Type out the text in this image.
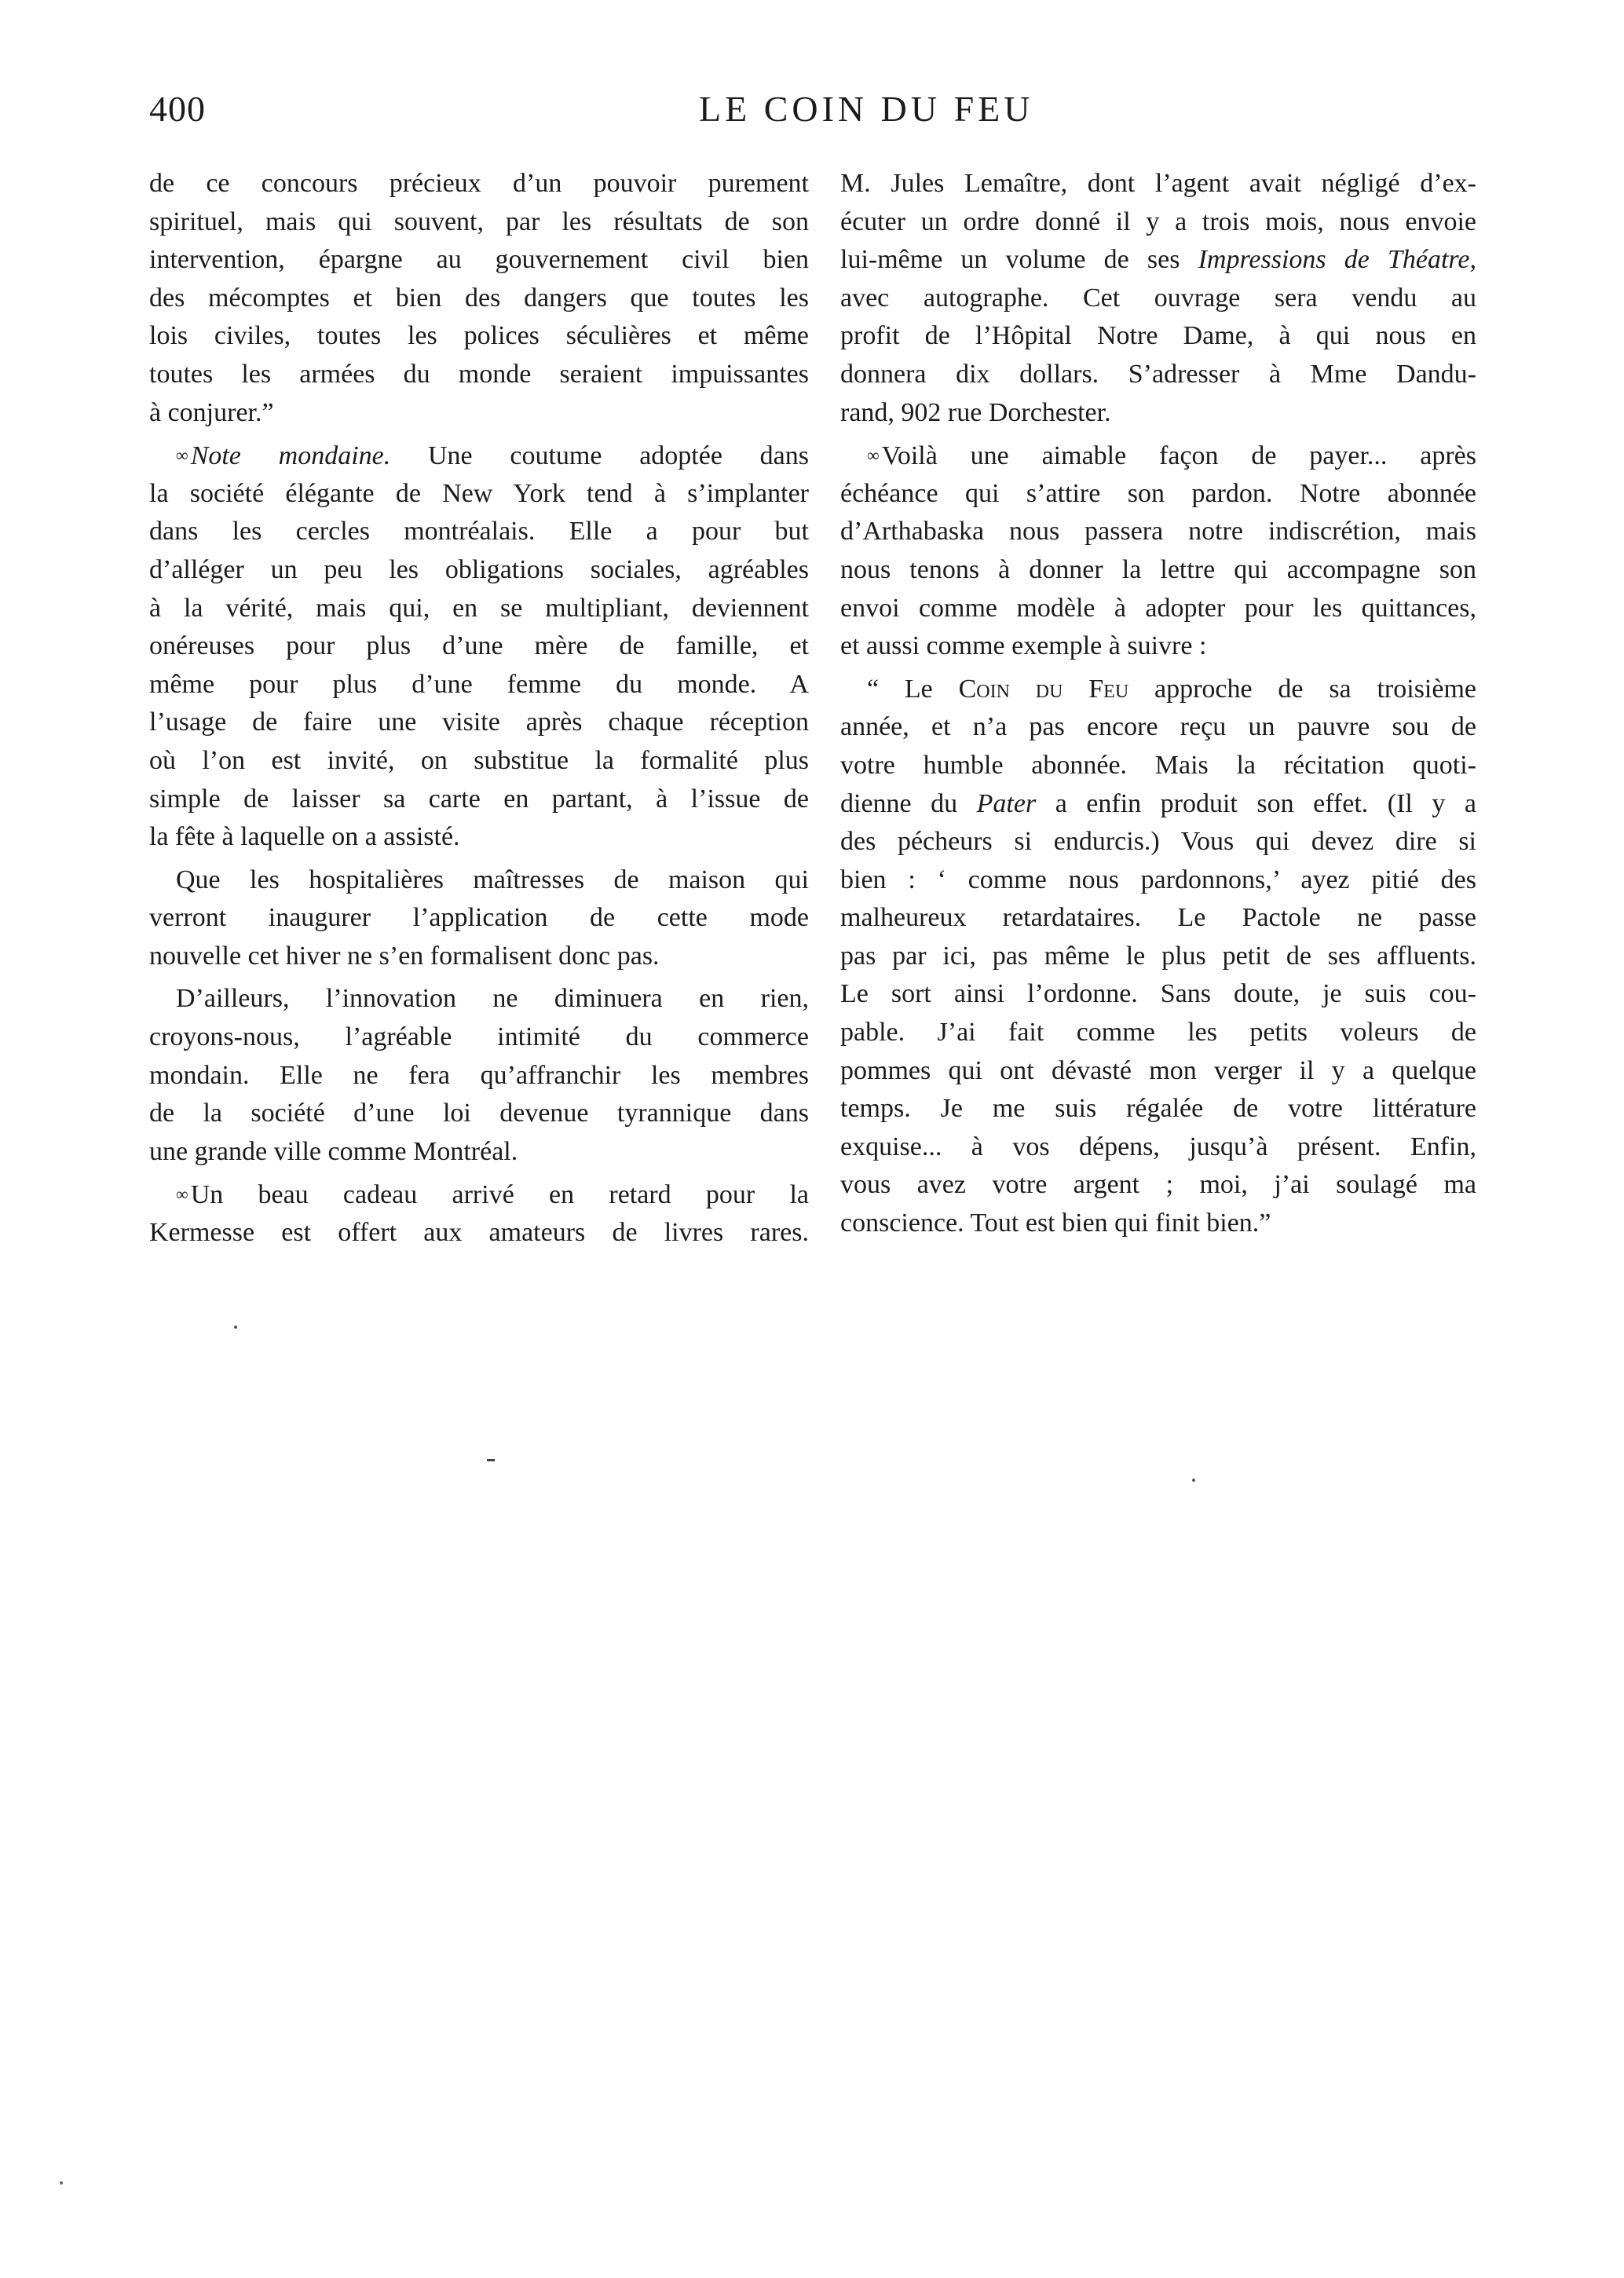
400	LE COIN DU FEU
de ce concours précieux d’un pouvoir purement
spirituel, mais qui souvent, par les résultats de son
intervention, épargne au gouvernement civil bien
des mécomptes et bien des dangers que toutes les
lois civiles, toutes les polices séculières et même
toutes les armées du monde seraient impuissantes
à conjurer.”
∞ Note mondaine. Une coutume adoptée dans
la société élégante de New York tend à s’implanter
dans les cercles montréalais. Elle a pour but
d’alléger un peu les obligations sociales, agréables
à la vérité, mais qui, en se multipliant, deviennent
onéreuses pour plus d’une mère de famille, et
même pour plus d’une femme du monde. A
l’usage de faire une visite après chaque réception
où l’on est invité, on substitue la formalité plus
simple de laisser sa carte en partant, à l’issue de
la fête à laquelle on a assisté.
Que les hospitalières maîtresses de maison qui
verront inaugurer l’application de cette mode
nouvelle cet hiver ne s’en formalisent donc pas.
D’ailleurs, l’innovation ne diminuera en rien,
croyons-nous, l’agréable intimité du commerce
mondain. Elle ne fera qu’affranchir les membres
de la société d’une loi devenue tyrannique dans
une grande ville comme Montréal.
∞ Un beau cadeau arrivé en retard pour la
Kermesse est offert aux amateurs de livres rares.
M. Jules Lemaître, dont l’agent avait négligé d’ex-
écuter un ordre donné il y a trois mois, nous envoie
lui-même un volume de ses Impressions de Théatre,
avec autographe. Cet ouvrage sera vendu au
profit de l’Hôpital Notre Dame, à qui nous en
donnera dix dollars. S’adresser à Mme Dandu-
rand, 902 rue Dorchester.
∞ Voilà une aimable façon de payer... après
échéance qui s’attire son pardon. Notre abonnée
d’Arthabaska nous passera notre indiscrétion, mais
nous tenons à donner la lettre qui accompagne son
envoi comme modèle à adopter pour les quittances,
et aussi comme exemple à suivre :
“ Le Coin du Feu approche de sa troisième
année, et n’a pas encore reçu un pauvre sou de
votre humble abonnée. Mais la récitation quoti-
dienne du Pater a enfin produit son effet. (Il y a
des pécheurs si endurcis.) Vous qui devez dire si
bien : ‘ comme nous pardonnons,’ ayez pitié des
malheureux retardataires. Le Pactole ne passe
pas par ici, pas même le plus petit de ses affluents.
Le sort ainsi l’ordonne. Sans doute, je suis cou-
pable. J’ai fait comme les petits voleurs de
pommes qui ont dévasté mon verger il y a quelque
temps. Je me suis régalée de votre littérature
exquise... à vos dépens, jusqu’à présent. Enfin,
vous avez votre argent ; moi, j’ai soulagé ma
conscience. Tout est bien qui finit bien.”
